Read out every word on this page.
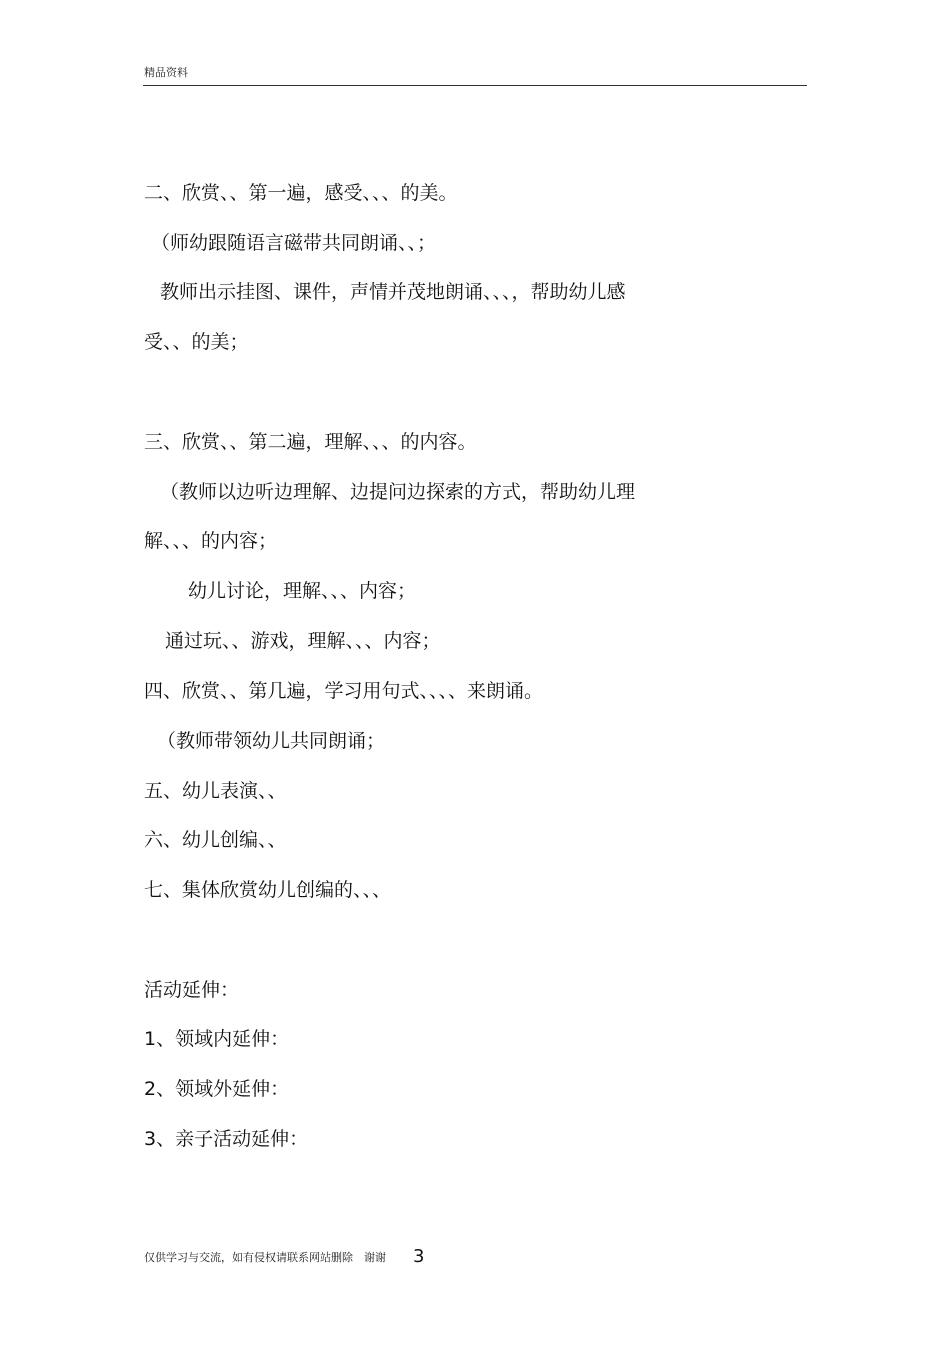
精品资料
二、欣赏、、第一遍，感受、、、的美。
（师幼跟随语言磁带共同朗诵、、；
教师出示挂图、课件，声情并茂地朗诵、、、，帮助幼儿感
受、、的美；
三、欣赏、、第二遍，理解、、、的内容。
（教师以边听边理解、边提问边探索的方式，帮助幼儿理
解、、、的内容；
幼儿讨论，理解、、、内容；
通过玩、、游戏，理解、、、内容；
四、欣赏、、第几遍，学习用句式、、、、来朗诵。
（教师带领幼儿共同朗诵；
五、幼儿表演、、
六、幼儿创编、、
七、集体欣赏幼儿创编的、、、
活动延伸：
1、领域内延伸：
2、领域外延伸：
3、亲子活动延伸：
仅供学习与交流，如有侵权请联系网站删除　谢谢 3
